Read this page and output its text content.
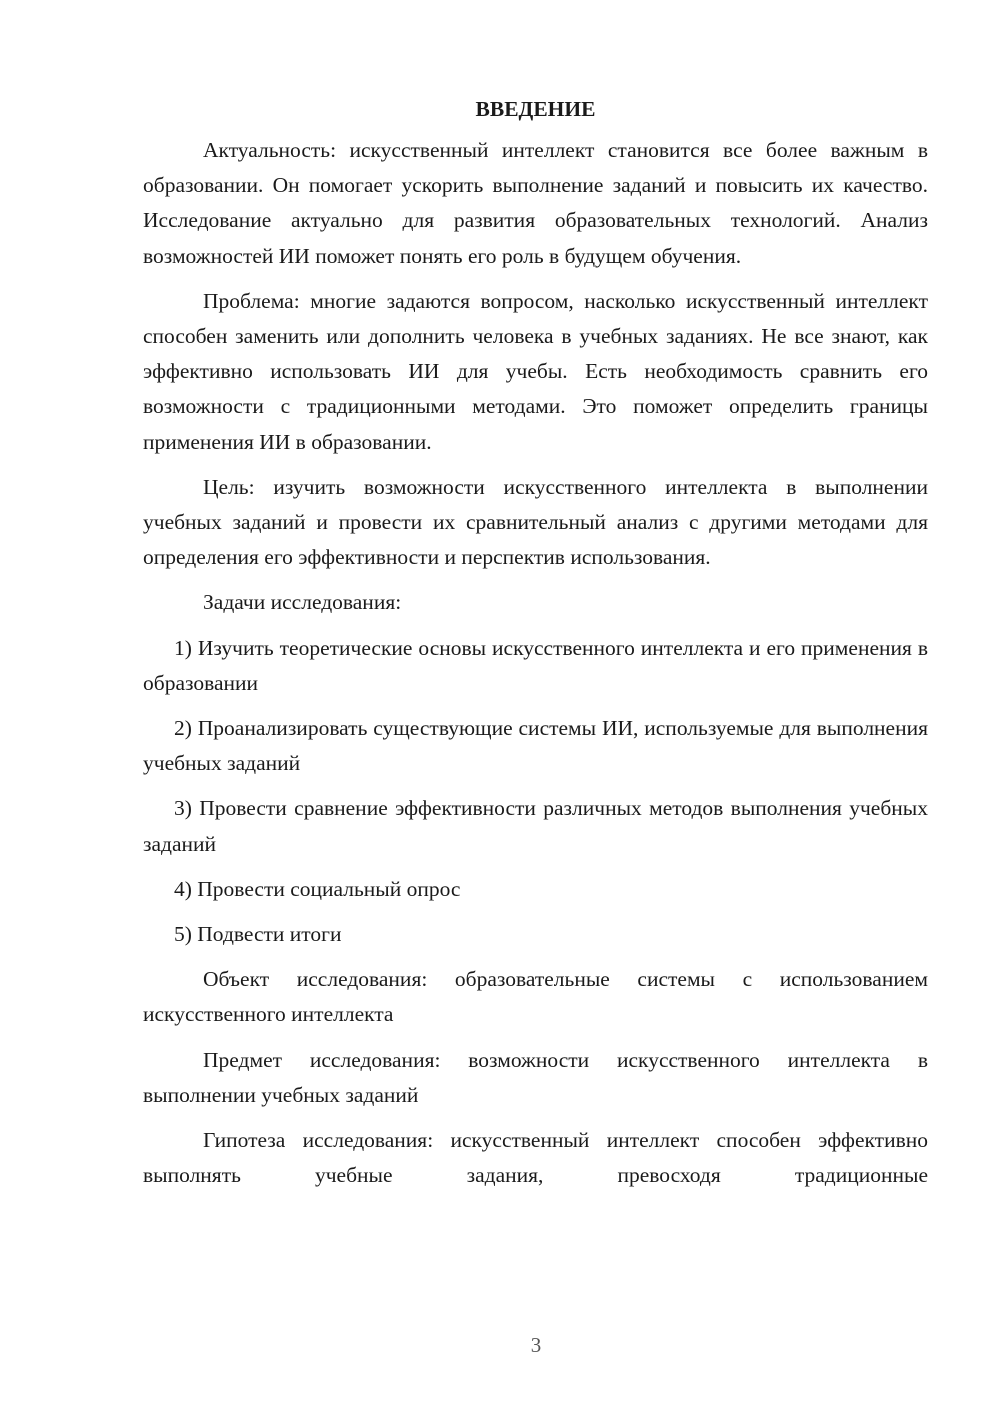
ВВЕДЕНИЕ

Актуальность: искусственный интеллект становится все более важным в образовании. Он помогает ускорить выполнение заданий и повысить их качество. Исследование актуально для развития образовательных технологий. Анализ возможностей ИИ поможет понять его роль в будущем обучения.

Проблема: многие задаются вопросом, насколько искусственный интеллект способен заменить или дополнить человека в учебных заданиях. Не все знают, как эффективно использовать ИИ для учебы. Есть необходимость сравнить его возможности с традиционными методами. Это поможет определить границы применения ИИ в образовании.

Цель: изучить возможности искусственного интеллекта в выполнении учебных заданий и провести их сравнительный анализ с другими методами для определения его эффективности и перспектив использования.

Задачи исследования:

1) Изучить теоретические основы искусственного интеллекта и его применения в образовании

2) Проанализировать существующие системы ИИ, используемые для выполнения учебных заданий

3) Провести сравнение эффективности различных методов выполнения учебных заданий

4) Провести социальный опрос

5) Подвести итоги

Объект исследования: образовательные системы с использованием искусственного интеллекта

Предмет исследования: возможности искусственного интеллекта в выполнении учебных заданий

Гипотеза исследования: искусственный интеллект способен эффективно выполнять учебные задания, превосходя традиционные

3
